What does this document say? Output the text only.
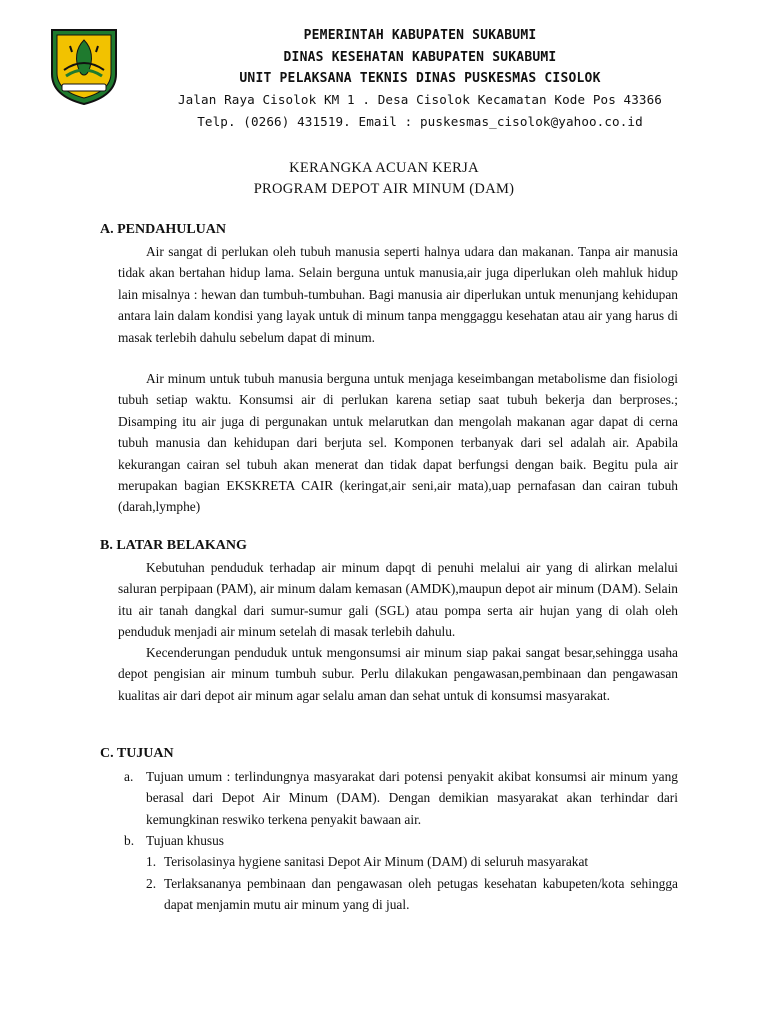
PEMERINTAH KABUPATEN SUKABUMI
DINAS KESEHATAN KABUPATEN SUKABUMI
UNIT PELAKSANA TEKNIS DINAS PUSKESMAS CISOLOK
Jalan Raya Cisolok KM 1 . Desa Cisolok Kecamatan Kode Pos 43366
Telp. (0266) 431519. Email : puskesmas_cisolok@yahoo.co.id
KERANGKA ACUAN KERJA
PROGRAM DEPOT AIR MINUM (DAM)
A. PENDAHULUAN

Air sangat di perlukan oleh tubuh manusia seperti halnya udara dan makanan. Tanpa air manusia tidak akan bertahan hidup lama. Selain berguna untuk manusia,air juga diperlukan oleh mahluk hidup lain misalnya : hewan dan tumbuh-tumbuhan. Bagi manusia air diperlukan untuk menunjang kehidupan antara lain dalam kondisi yang layak untuk di minum tanpa menggaggu kesehatan atau air yang harus di masak terlebih dahulu sebelum dapat di minum.

Air minum untuk tubuh manusia berguna untuk menjaga keseimbangan metabolisme dan fisiologi tubuh setiap waktu. Konsumsi air di perlukan karena setiap saat tubuh bekerja dan berproses.; Disamping itu air juga di pergunakan untuk melarutkan dan mengolah makanan agar dapat di cerna tubuh manusia dan kehidupan dari berjuta sel. Komponen terbanyak dari sel adalah air. Apabila kekurangan cairan sel tubuh akan menerat dan tidak dapat berfungsi dengan baik. Begitu pula air merupakan bagian EKSKRETA CAIR (keringat,air seni,air mata),uap pernafasan dan cairan tubuh (darah,lymphe)

B. LATAR BELAKANG

Kebutuhan penduduk terhadap air minum dapqt di penuhi melalui air yang di alirkan melalui saluran perpipaan (PAM), air minum dalam kemasan (AMDK),maupun depot air minum (DAM). Selain itu air tanah dangkal dari sumur-sumur gali (SGL) atau pompa serta air hujan yang di olah oleh penduduk menjadi air minum setelah di masak terlebih dahulu.

Kecenderungan penduduk untuk mengonsumsi air minum siap pakai sangat besar,sehingga usaha depot pengisian air minum tumbuh subur. Perlu dilakukan pengawasan,pembinaan dan pengawasan kualitas air dari depot air minum agar selalu aman dan sehat untuk di konsumsi masyarakat.

C. TUJUAN
a. Tujuan umum : terlindungnya masyarakat dari potensi penyakit akibat konsumsi air minum yang berasal dari Depot Air Minum (DAM). Dengan demikian masyarakat akan terhindar dari kemungkinan reswiko terkena penyakit bawaan air.

b. Tujuan khusus

1. Terisolasinya hygiene sanitasi Depot Air Minum (DAM) di seluruh masyarakat

2. Terlaksananya pembinaan dan pengawasan oleh petugas kesehatan kabupeten/kota sehingga dapat menjamin mutu air minum yang di jual.
